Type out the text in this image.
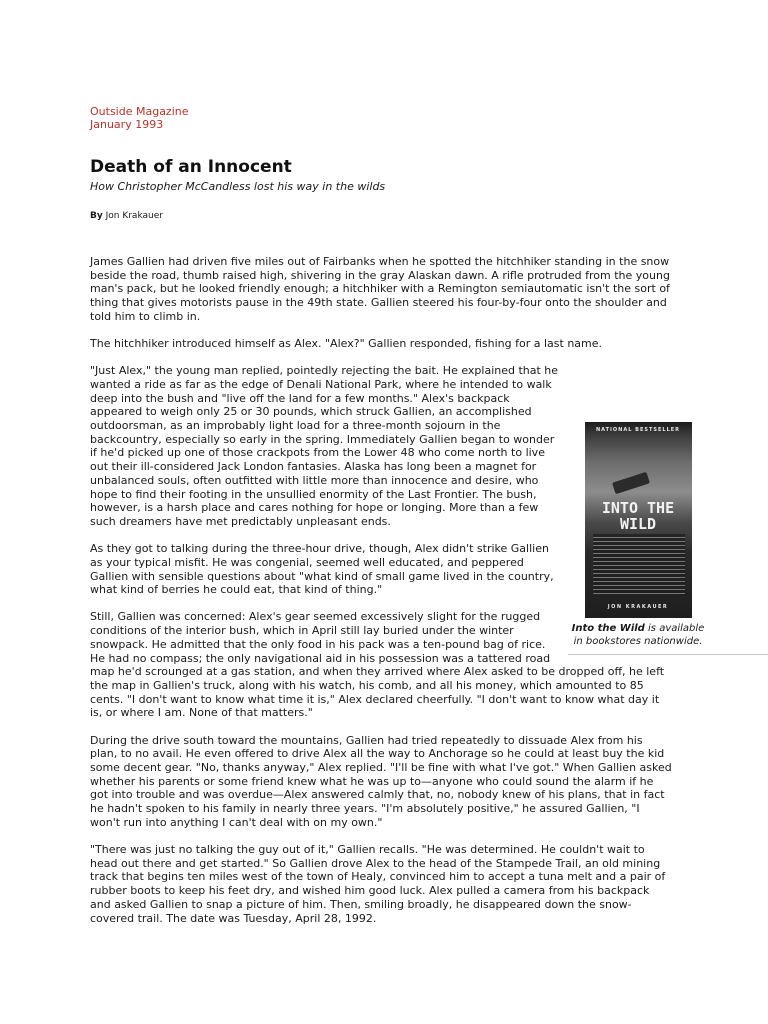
Outside Magazine
January 1993
Death of an Innocent
How Christopher McCandless lost his way in the wilds
By Jon Krakauer

James Gallien had driven five miles out of Fairbanks when he spotted the hitchhiker standing in the snow beside the road, thumb raised high, shivering in the gray Alaskan dawn. A rifle protruded from the young man's pack, but he looked friendly enough; a hitchhiker with a Remington semiautomatic isn't the sort of thing that gives motorists pause in the 49th state. Gallien steered his four-by-four onto the shoulder and told him to climb in.

The hitchhiker introduced himself as Alex. "Alex?" Gallien responded, fishing for a last name.

NATIONAL BESTSELLER
INTO THE WILD
JON KRAKAUER
Into the Wild is available in bookstores nationwide.

"Just Alex," the young man replied, pointedly rejecting the bait. He explained that he wanted a ride as far as the edge of Denali National Park, where he intended to walk deep into the bush and "live off the land for a few months." Alex's backpack appeared to weigh only 25 or 30 pounds, which struck Gallien, an accomplished outdoorsman, as an improbably light load for a three-month sojourn in the backcountry, especially so early in the spring. Immediately Gallien began to wonder if he'd picked up one of those crackpots from the Lower 48 who come north to live out their ill-considered Jack London fantasies. Alaska has long been a magnet for unbalanced souls, often outfitted with little more than innocence and desire, who hope to find their footing in the unsullied enormity of the Last Frontier. The bush, however, is a harsh place and cares nothing for hope or longing. More than a few such dreamers have met predictably unpleasant ends.

As they got to talking during the three-hour drive, though, Alex didn't strike Gallien as your typical misfit. He was congenial, seemed well educated, and peppered Gallien with sensible questions about "what kind of small game lived in the country, what kind of berries he could eat, that kind of thing."

Still, Gallien was concerned: Alex's gear seemed excessively slight for the rugged conditions of the interior bush, which in April still lay buried under the winter snowpack. He admitted that the only food in his pack was a ten-pound bag of rice. He had no compass; the only navigational aid in his possession was a tattered road map he'd scrounged at a gas station, and when they arrived where Alex asked to be dropped off, he left the map in Gallien's truck, along with his watch, his comb, and all his money, which amounted to 85 cents. "I don't want to know what time it is," Alex declared cheerfully. "I don't want to know what day it is, or where I am. None of that matters."

During the drive south toward the mountains, Gallien had tried repeatedly to dissuade Alex from his plan, to no avail. He even offered to drive Alex all the way to Anchorage so he could at least buy the kid some decent gear. "No, thanks anyway," Alex replied. "I'll be fine with what I've got." When Gallien asked whether his parents or some friend knew what he was up to—anyone who could sound the alarm if he got into trouble and was overdue—Alex answered calmly that, no, nobody knew of his plans, that in fact he hadn't spoken to his family in nearly three years. "I'm absolutely positive," he assured Gallien, "I won't run into anything I can't deal with on my own."

"There was just no talking the guy out of it," Gallien recalls. "He was determined. He couldn't wait to head out there and get started." So Gallien drove Alex to the head of the Stampede Trail, an old mining track that begins ten miles west of the town of Healy, convinced him to accept a tuna melt and a pair of rubber boots to keep his feet dry, and wished him good luck. Alex pulled a camera from his backpack and asked Gallien to snap a picture of him. Then, smiling broadly, he disappeared down the snow-covered trail. The date was Tuesday, April 28, 1992.
